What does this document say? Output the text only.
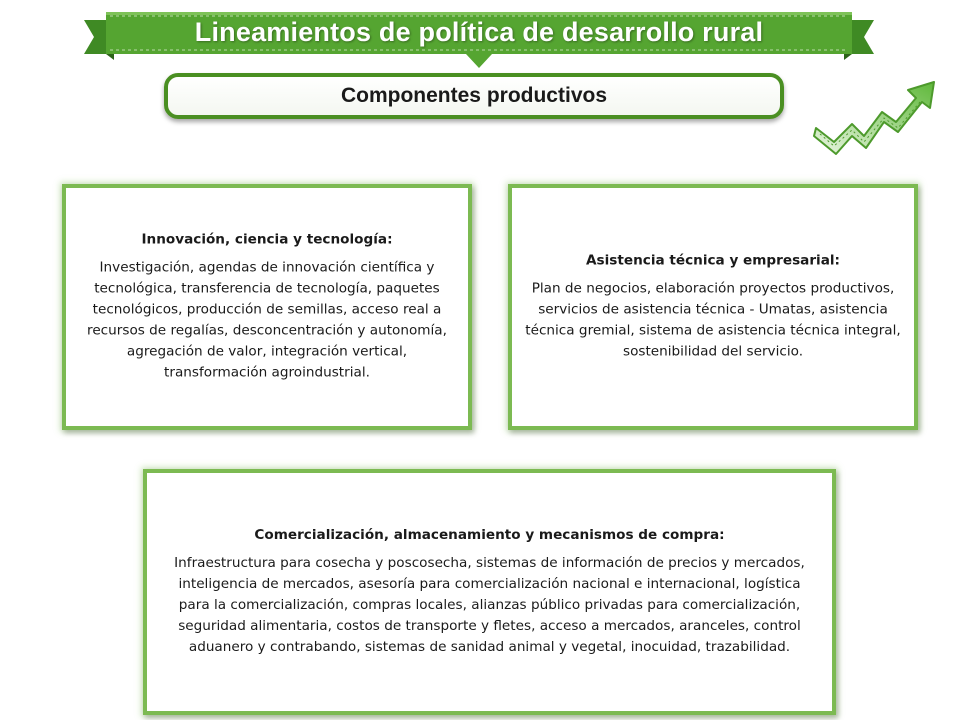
Lineamientos de política de desarrollo rural
Componentes productivos
Innovación, ciencia y tecnología:
Investigación, agendas de innovación científica y tecnológica, transferencia de tecnología, paquetes tecnológicos, producción de semillas, acceso real a recursos de regalías, desconcentración y autonomía, agregación de valor, integración vertical, transformación agroindustrial.
Asistencia técnica y empresarial:
Plan de negocios, elaboración proyectos productivos, servicios de asistencia técnica - Umatas, asistencia técnica gremial, sistema de asistencia técnica integral, sostenibilidad del servicio.
Comercialización, almacenamiento y mecanismos de compra:
Infraestructura para cosecha y poscosecha, sistemas de información de precios y mercados, inteligencia de mercados, asesoría para comercialización nacional e internacional, logística para la comercialización, compras locales, alianzas público privadas para comercialización, seguridad alimentaria, costos de transporte y fletes, acceso a mercados, aranceles, control aduanero y contrabando, sistemas de sanidad animal y vegetal, inocuidad, trazabilidad.
